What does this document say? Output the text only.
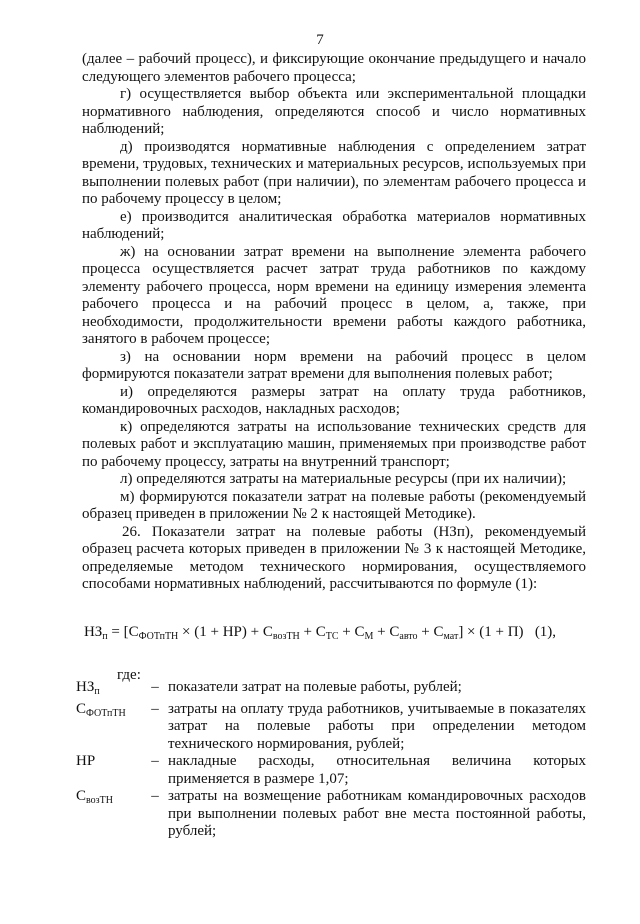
7

(далее – рабочий процесс), и фиксирующие окончание предыдущего и начало следующего элементов рабочего процесса;

г) осуществляется выбор объекта или экспериментальной площадки нормативного наблюдения, определяются способ и число нормативных наблюдений;

д) производятся нормативные наблюдения с определением затрат времени, трудовых, технических и материальных ресурсов, используемых при выполнении полевых работ (при наличии), по элементам рабочего процесса и по рабочему процессу в целом;

е) производится аналитическая обработка материалов нормативных наблюдений;

ж) на основании затрат времени на выполнение элемента рабочего процесса осуществляется расчет затрат труда работников по каждому элементу рабочего процесса, норм времени на единицу измерения элемента рабочего процесса и на рабочий процесс в целом, а, также, при необходимости, продолжительности времени работы каждого работника, занятого в рабочем процессе;

з) на основании норм времени на рабочий процесс в целом формируются показатели затрат времени для выполнения полевых работ;

и) определяются размеры затрат на оплату труда работников, командировочных расходов, накладных расходов;

к) определяются затраты на использование технических средств для полевых работ и эксплуатацию машин, применяемых при производстве работ по рабочему процессу, затраты на внутренний транспорт;

л) определяются затраты на материальные ресурсы (при их наличии);

м) формируются показатели затрат на полевые работы (рекомендуемый образец приведен в приложении № 2 к настоящей Методике).

26. Показатели затрат на полевые работы (НЗп), рекомендуемый образец расчета которых приведен в приложении № 3 к настоящей Методике, определяемые методом технического нормирования, осуществляемого способами нормативных наблюдений, рассчитываются по формуле (1):

$НЗ_п = [С_{ФОТпТН} \times (1 + НР) + С_{возТН} + С_{ТС} + С_М + С_{авто} + С_{мат}] \times (1 + П)$ (1),
где:
$НЗ_п$	– показатели затрат на полевые работы, рублей;
$С_{ФОТпТН}$	– затраты на оплату труда работников, учитываемые в показателях затрат на полевые работы при определении методом технического нормирования, рублей;
НР	– накладные расходы, относительная величина которых применяется в размере 1,07;
$С_{возТН}$	– затраты на возмещение работникам командировочных расходов при выполнении полевых работ вне места постоянной работы, рублей;
